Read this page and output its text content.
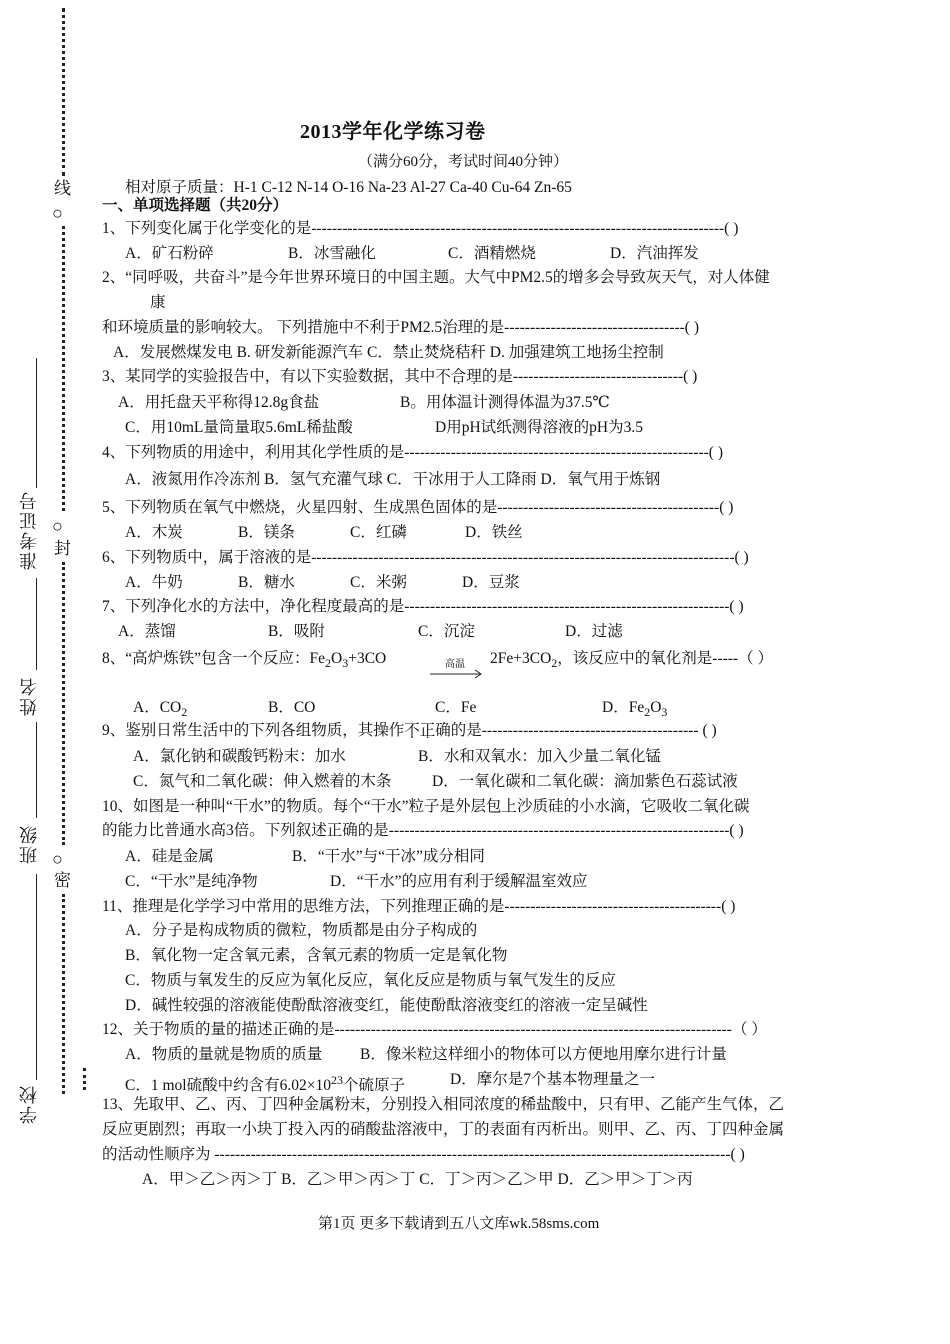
○
线
○
封
○
密
准考证号
姓名
班级
学校
2013学年化学练习卷
（满分60分，考试时间40分钟）
相对原子质量：H-1 C-12 N-14 O-16 Na-23 Al-27 Ca-40 Cu-64 Zn-65
一、单项选择题（共20分）
1、下列变化属于化学变化的是--------------------------------------------------------------------------------( )
A．矿石粉碎	B．冰雪融化	C．酒精燃烧	D．汽油挥发
2、“同呼吸，共奋斗”是今年世界环境日的中国主题。大气中PM2.5的增多会导致灰天气，对人体健
康
和环境质量的影响较大。 下列措施中不利于PM2.5治理的是-----------------------------------( )
A．发展燃煤发电 B. 研发新能源汽车 C．禁止焚烧秸秆 D. 加强建筑工地扬尘控制
3、某同学的实验报告中，有以下实验数据，其中不合理的是---------------------------------( )
A．用托盘天平称得12.8g食盐	B。用体温计测得体温为37.5℃
C．用10mL量筒量取5.6mL稀盐酸	D用pH试纸测得溶液的pH为3.5
4、下列物质的用途中，利用其化学性质的是-----------------------------------------------------------( )
A．液氮用作冷冻剂 B．氢气充灌气球 C．干冰用于人工降雨 D．氧气用于炼钢
5、下列物质在氧气中燃烧，火星四射、生成黑色固体的是-------------------------------------------( )
A．木炭	B．镁条	C．红磷	D．铁丝
6、下列物质中，属于溶液的是----------------------------------------------------------------------------------( )
A．牛奶	B．糖水	C．米粥	D．豆浆
7、下列净化水的方法中，净化程度最高的是---------------------------------------------------------------( )
A．蒸馏	B．吸附	C．沉淀	D．过滤
8、“高炉炼铁”包含一个反应：$Fe_2O_3+3CO$	高温 $2Fe+3CO_2$，该反应中的氧化剂是-----（ ）
A．$CO_2$	B．CO	C．Fe	D．$Fe_2O_3$
9、鉴别日常生活中的下列各组物质，其操作不正确的是------------------------------------------ ( )
A．氯化钠和碳酸钙粉末：加水	B．水和双氧水：加入少量二氧化锰
C．氮气和二氧化碳：伸入燃着的木条	D．一氧化碳和二氧化碳：滴加紫色石蕊试液
10、如图是一种叫“干水”的物质。每个“干水”粒子是外层包上沙质硅的小水滴，它吸收二氧化碳
的能力比普通水高3倍。下列叙述正确的是------------------------------------------------------------------( )
A．硅是金属	B．“干水”与“干冰”成分相同
C．“干水”是纯净物	D．“干水”的应用有利于缓解温室效应
11、推理是化学学习中常用的思维方法，下列推理正确的是------------------------------------------( )
A．分子是构成物质的微粒，物质都是由分子构成的
B．氧化物一定含氧元素，含氧元素的物质一定是氧化物
C．物质与氧发生的反应为氧化反应，氧化反应是物质与氧气发生的反应
D．碱性较强的溶液能使酚酞溶液变红，能使酚酞溶液变红的溶液一定呈碱性
12、关于物质的量的描述正确的是-----------------------------------------------------------------------------（ ）
A．物质的量就是物质的质量 B．像米粒这样细小的物体可以方便地用摩尔进行计量
C．1 mol硫酸中约含有$6.02\times 10^{23}$个硫原子	D．摩尔是7个基本物理量之一
13、先取甲、乙、丙、丁四种金属粉末，分别投入相同浓度的稀盐酸中，只有甲、乙能产生气体，乙
反应更剧烈；再取一小块丁投入丙的硝酸盐溶液中，丁的表面有丙析出。则甲、乙、丙、丁四种金属
的活动性顺序为 ----------------------------------------------------------------------------------------------------( )
A．甲＞乙＞丙＞丁 B．乙＞甲＞丙＞丁 C．丁＞丙＞乙＞甲 D．乙＞甲＞丁＞丙
第1页 更多下载请到五八文库wk.58sms.com
